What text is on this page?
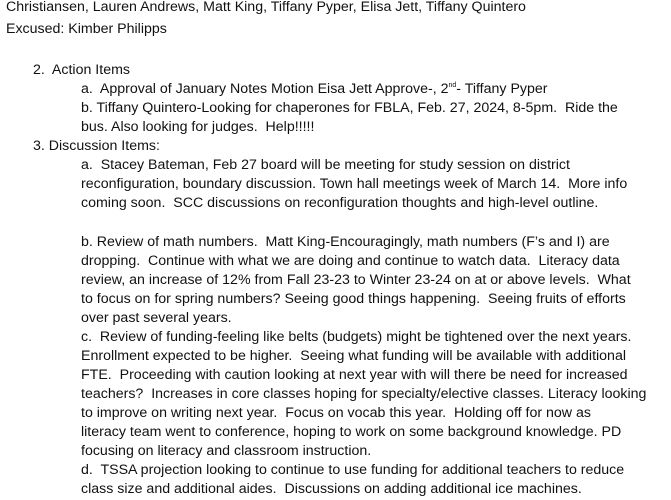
Christiansen, Lauren Andrews, Matt King, Tiffany Pyper, Elisa Jett, Tiffany Quintero
Excused: Kimber Philipps
2.  Action Items
a.  Approval of January Notes Motion Eisa Jett Approve-, 2nd- Tiffany Pyper
b. Tiffany Quintero-Looking for chaperones for FBLA, Feb. 27, 2024, 8-5pm.  Ride the
bus. Also looking for judges.  Help!!!!!
3. Discussion Items:
a.  Stacey Bateman, Feb 27 board will be meeting for study session on district
reconfiguration, boundary discussion. Town hall meetings week of March 14.  More info
coming soon.  SCC discussions on reconfiguration thoughts and high-level outline.
b. Review of math numbers.  Matt King-Encouragingly, math numbers (F’s and I) are
dropping.  Continue with what we are doing and continue to watch data.  Literacy data
review, an increase of 12% from Fall 23-23 to Winter 23-24 on at or above levels.  What
to focus on for spring numbers? Seeing good things happening.  Seeing fruits of efforts
over past several years.
c.  Review of funding-feeling like belts (budgets) might be tightened over the next years.
Enrollment expected to be higher.  Seeing what funding will be available with additional
FTE.  Proceeding with caution looking at next year with will there be need for increased
teachers?  Increases in core classes hoping for specialty/elective classes. Literacy looking
to improve on writing next year.  Focus on vocab this year.  Holding off for now as
literacy team went to conference, hoping to work on some background knowledge. PD
focusing on literacy and classroom instruction.
d.  TSSA projection looking to continue to use funding for additional teachers to reduce
class size and additional aides.  Discussions on adding additional ice machines.
